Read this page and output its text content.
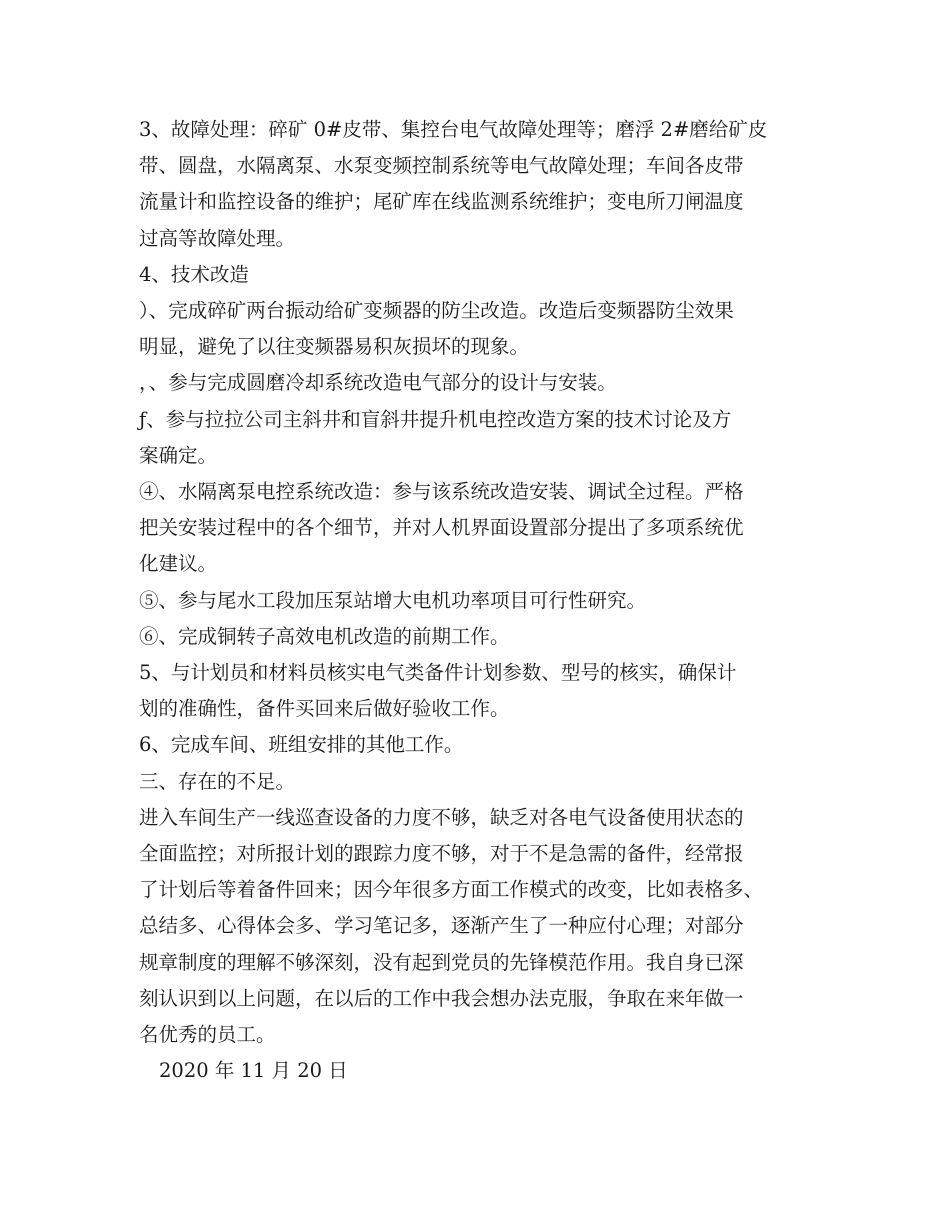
3、故障处理：碎矿 0#皮带、集控台电气故障处理等；磨浮 2#磨给矿皮

带、圆盘，水隔离泵、水泵变频控制系统等电气故障处理；车间各皮带

流量计和监控设备的维护；尾矿库在线监测系统维护；变电所刀闸温度

过高等故障处理。

4、技术改造

）、完成碎矿两台振动给矿变频器的防尘改造。改造后变频器防尘效果

明显，避免了以往变频器易积灰损坏的现象。

，、参与完成圆磨冷却系统改造电气部分的设计与安装。

ƒ、参与拉拉公司主斜井和盲斜井提升机电控改造方案的技术讨论及方

案确定。

④、水隔离泵电控系统改造：参与该系统改造安装、调试全过程。严格

把关安装过程中的各个细节，并对人机界面设置部分提出了多项系统优

化建议。

⑤、参与尾水工段加压泵站增大电机功率项目可行性研究。

⑥、完成铜转子高效电机改造的前期工作。

5、与计划员和材料员核实电气类备件计划参数、型号的核实，确保计

划的准确性，备件买回来后做好验收工作。

6、完成车间、班组安排的其他工作。

三、存在的不足。

进入车间生产一线巡查设备的力度不够，缺乏对各电气设备使用状态的

全面监控；对所报计划的跟踪力度不够，对于不是急需的备件，经常报

了计划后等着备件回来；因今年很多方面工作模式的改变，比如表格多、

总结多、心得体会多、学习笔记多，逐渐产生了一种应付心理；对部分

规章制度的理解不够深刻，没有起到党员的先锋模范作用。我自身已深

刻认识到以上问题，在以后的工作中我会想办法克服，争取在来年做一

名优秀的员工。

2020 年 11 月 20 日
